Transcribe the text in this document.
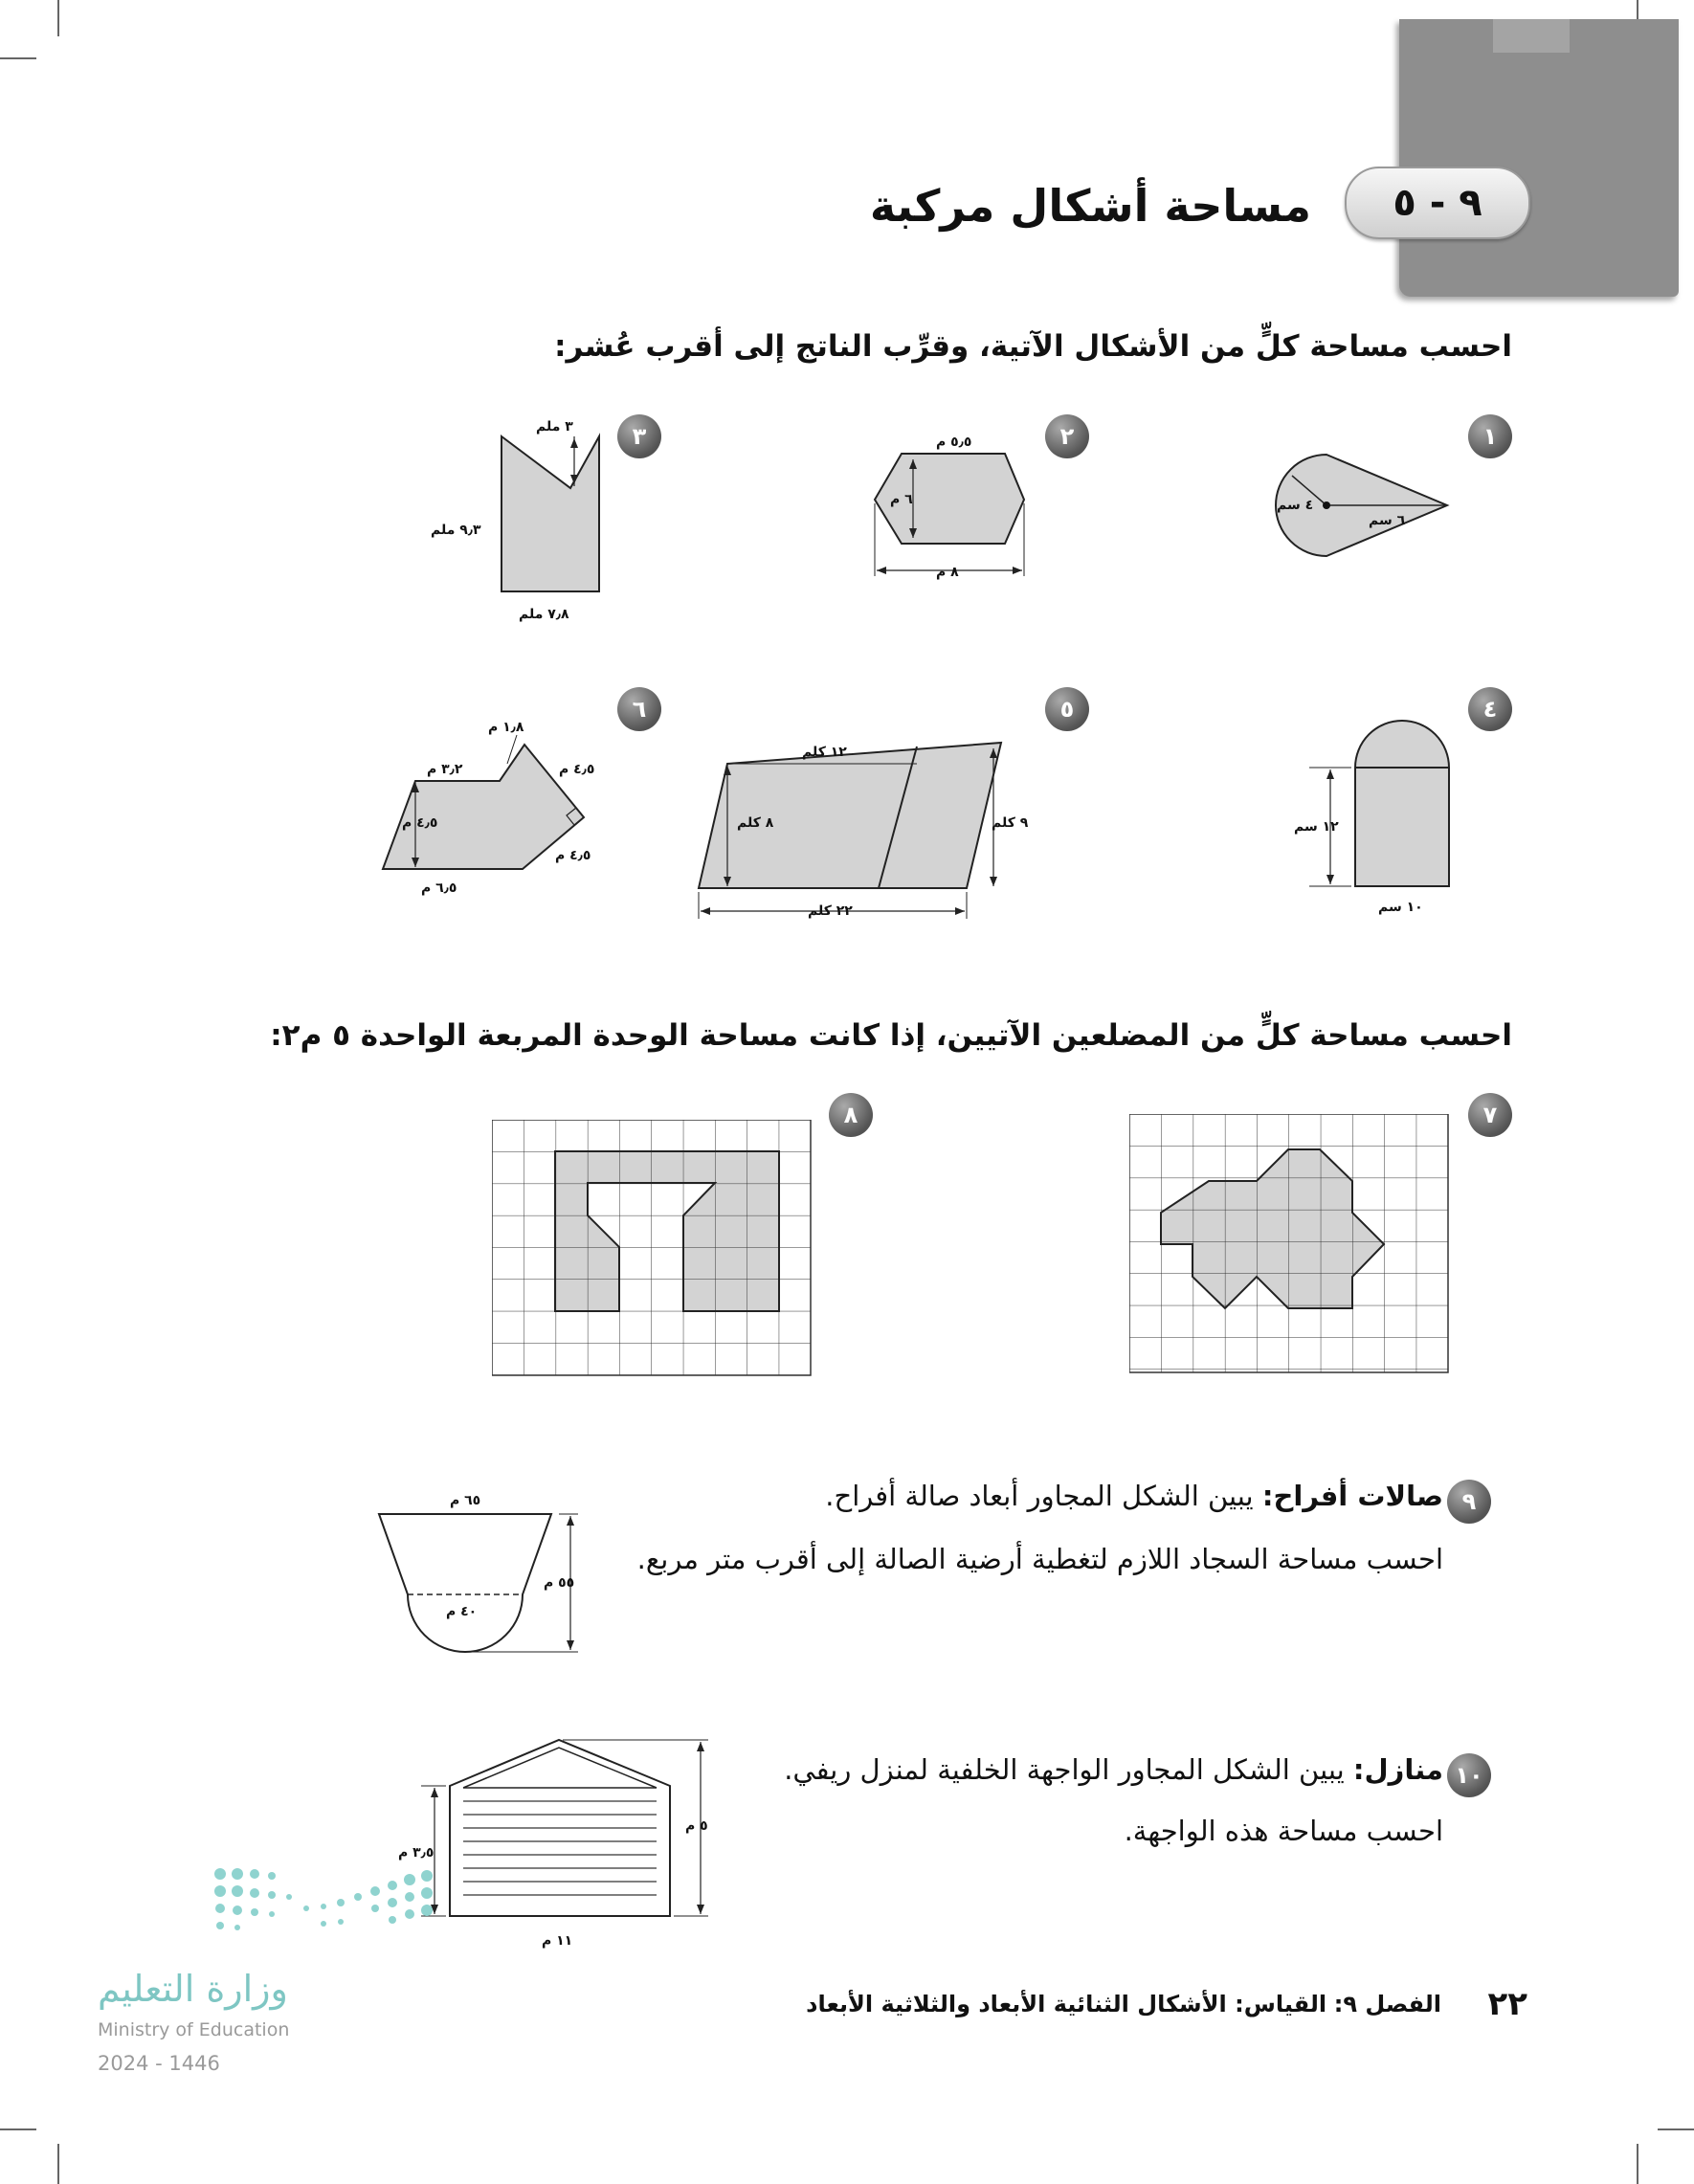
٩ - ٥
مساحة أشكال مركبة
احسب مساحة كلٍّ من الأشكال الآتية، وقرِّب الناتج إلى أقرب عُشر:
١
٢
٣
٤
٥
٦
٧
٨
٩
١٠
٤ سم
٦ سم
٥٫٥ م
٦ م
٨ م
٣ ملم
٩٫٣ ملم
٧٫٨ ملم
١٢ سم
١٠ سم
١٢ كلم
٨ كلم	٩ كلم
٢٢ كلم
١٫٨ م
٣٫٢ م	٤٫٥ م
٤٫٥ م
٤٫٥ م
٦٫٥ م
احسب مساحة كلٍّ من المضلعين الآتيين، إذا كانت مساحة الوحدة المربعة الواحدة ٥ م٢:
صالات أفراح: يبين الشكل المجاور أبعاد صالة أفراح.
احسب مساحة السجاد اللازم لتغطية أرضية الصالة إلى أقرب متر مربع.
٦٥ م
٥٥ م
٤٠ م
منازل: يبين الشكل المجاور الواجهة الخلفية لمنزل ريفي.
احسب مساحة هذه الواجهة.
٣٫٥ م
٥ م
١١ م
وزارة التعليم
Ministry of Education
2024 - 1446
٢٢
الفصل ٩: القياس: الأشكال الثنائية الأبعاد والثلاثية الأبعاد
